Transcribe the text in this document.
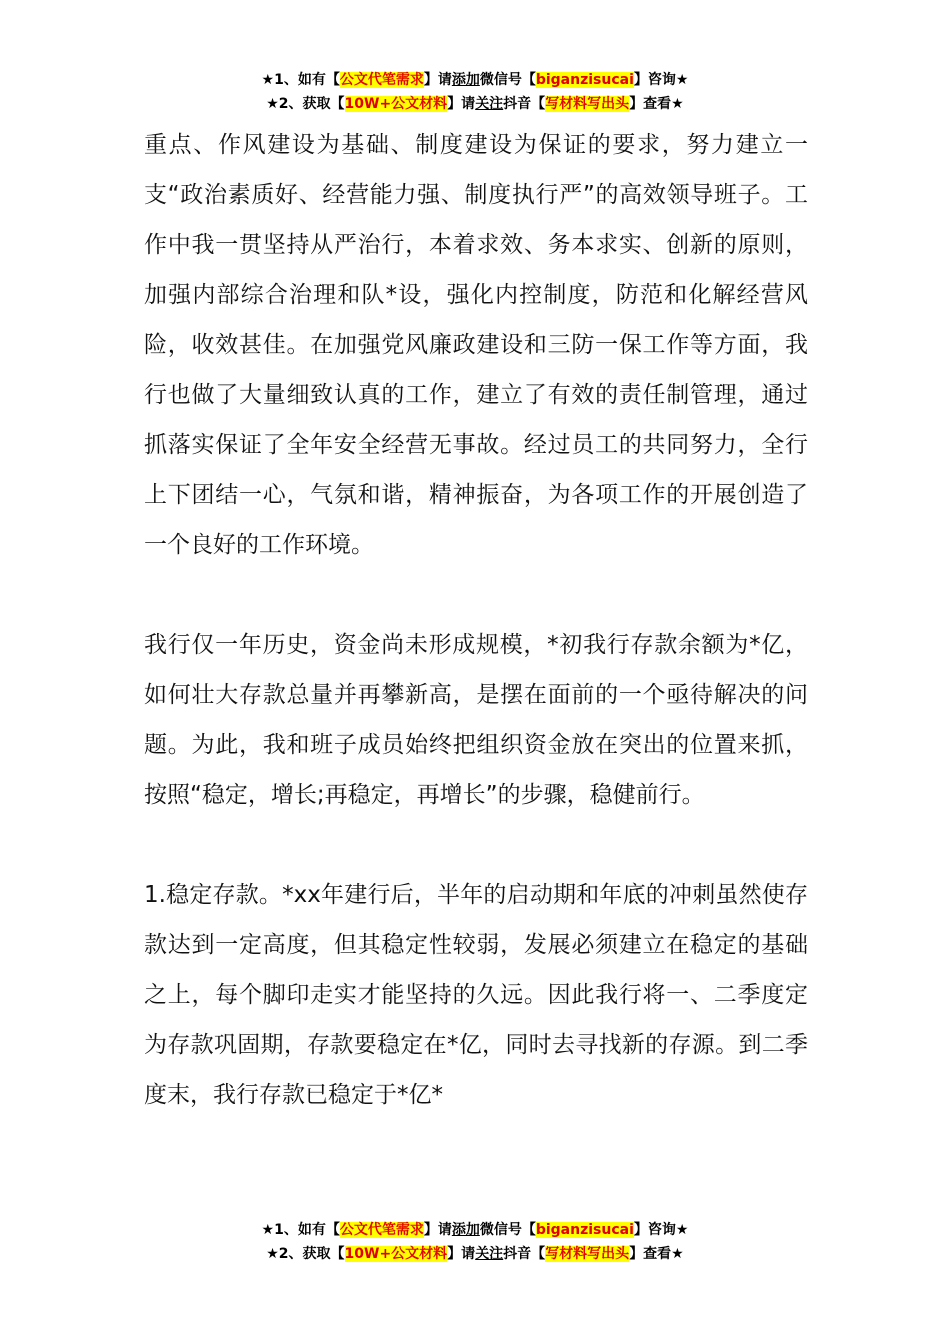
★1、如有【公文代笔需求】请添加微信号【biganzisucai】咨询★
★2、获取【10W+公文材料】请关注抖音【写材料写出头】查看★

重点、作风建设为基础、制度建设为保证的要求，努力建立一支“政治素质好、经营能力强、制度执行严”的高效领导班子。工作中我一贯坚持从严治行，本着求效、务本求实、创新的原则，加强内部综合治理和队*设，强化内控制度，防范和化解经营风险，收效甚佳。在加强党风廉政建设和三防一保工作等方面，我行也做了大量细致认真的工作，建立了有效的责任制管理，通过抓落实保证了全年安全经营无事故。经过员工的共同努力，全行上下团结一心，气氛和谐，精神振奋，为各项工作的开展创造了一个良好的工作环境。

我行仅一年历史，资金尚未形成规模，*初我行存款余额为*亿，如何壮大存款总量并再攀新高，是摆在面前的一个亟待解决的问题。为此，我和班子成员始终把组织资金放在突出的位置来抓，按照“稳定，增长;再稳定，再增长”的步骤，稳健前行。

1.稳定存款。*xx年建行后，半年的启动期和年底的冲刺虽然使存款达到一定高度，但其稳定性较弱，发展必须建立在稳定的基础之上，每个脚印走实才能坚持的久远。因此我行将一、二季度定为存款巩固期，存款要稳定在*亿，同时去寻找新的存源。到二季度末，我行存款已稳定于*亿*

★1、如有【公文代笔需求】请添加微信号【biganzisucai】咨询★
★2、获取【10W+公文材料】请关注抖音【写材料写出头】查看★
